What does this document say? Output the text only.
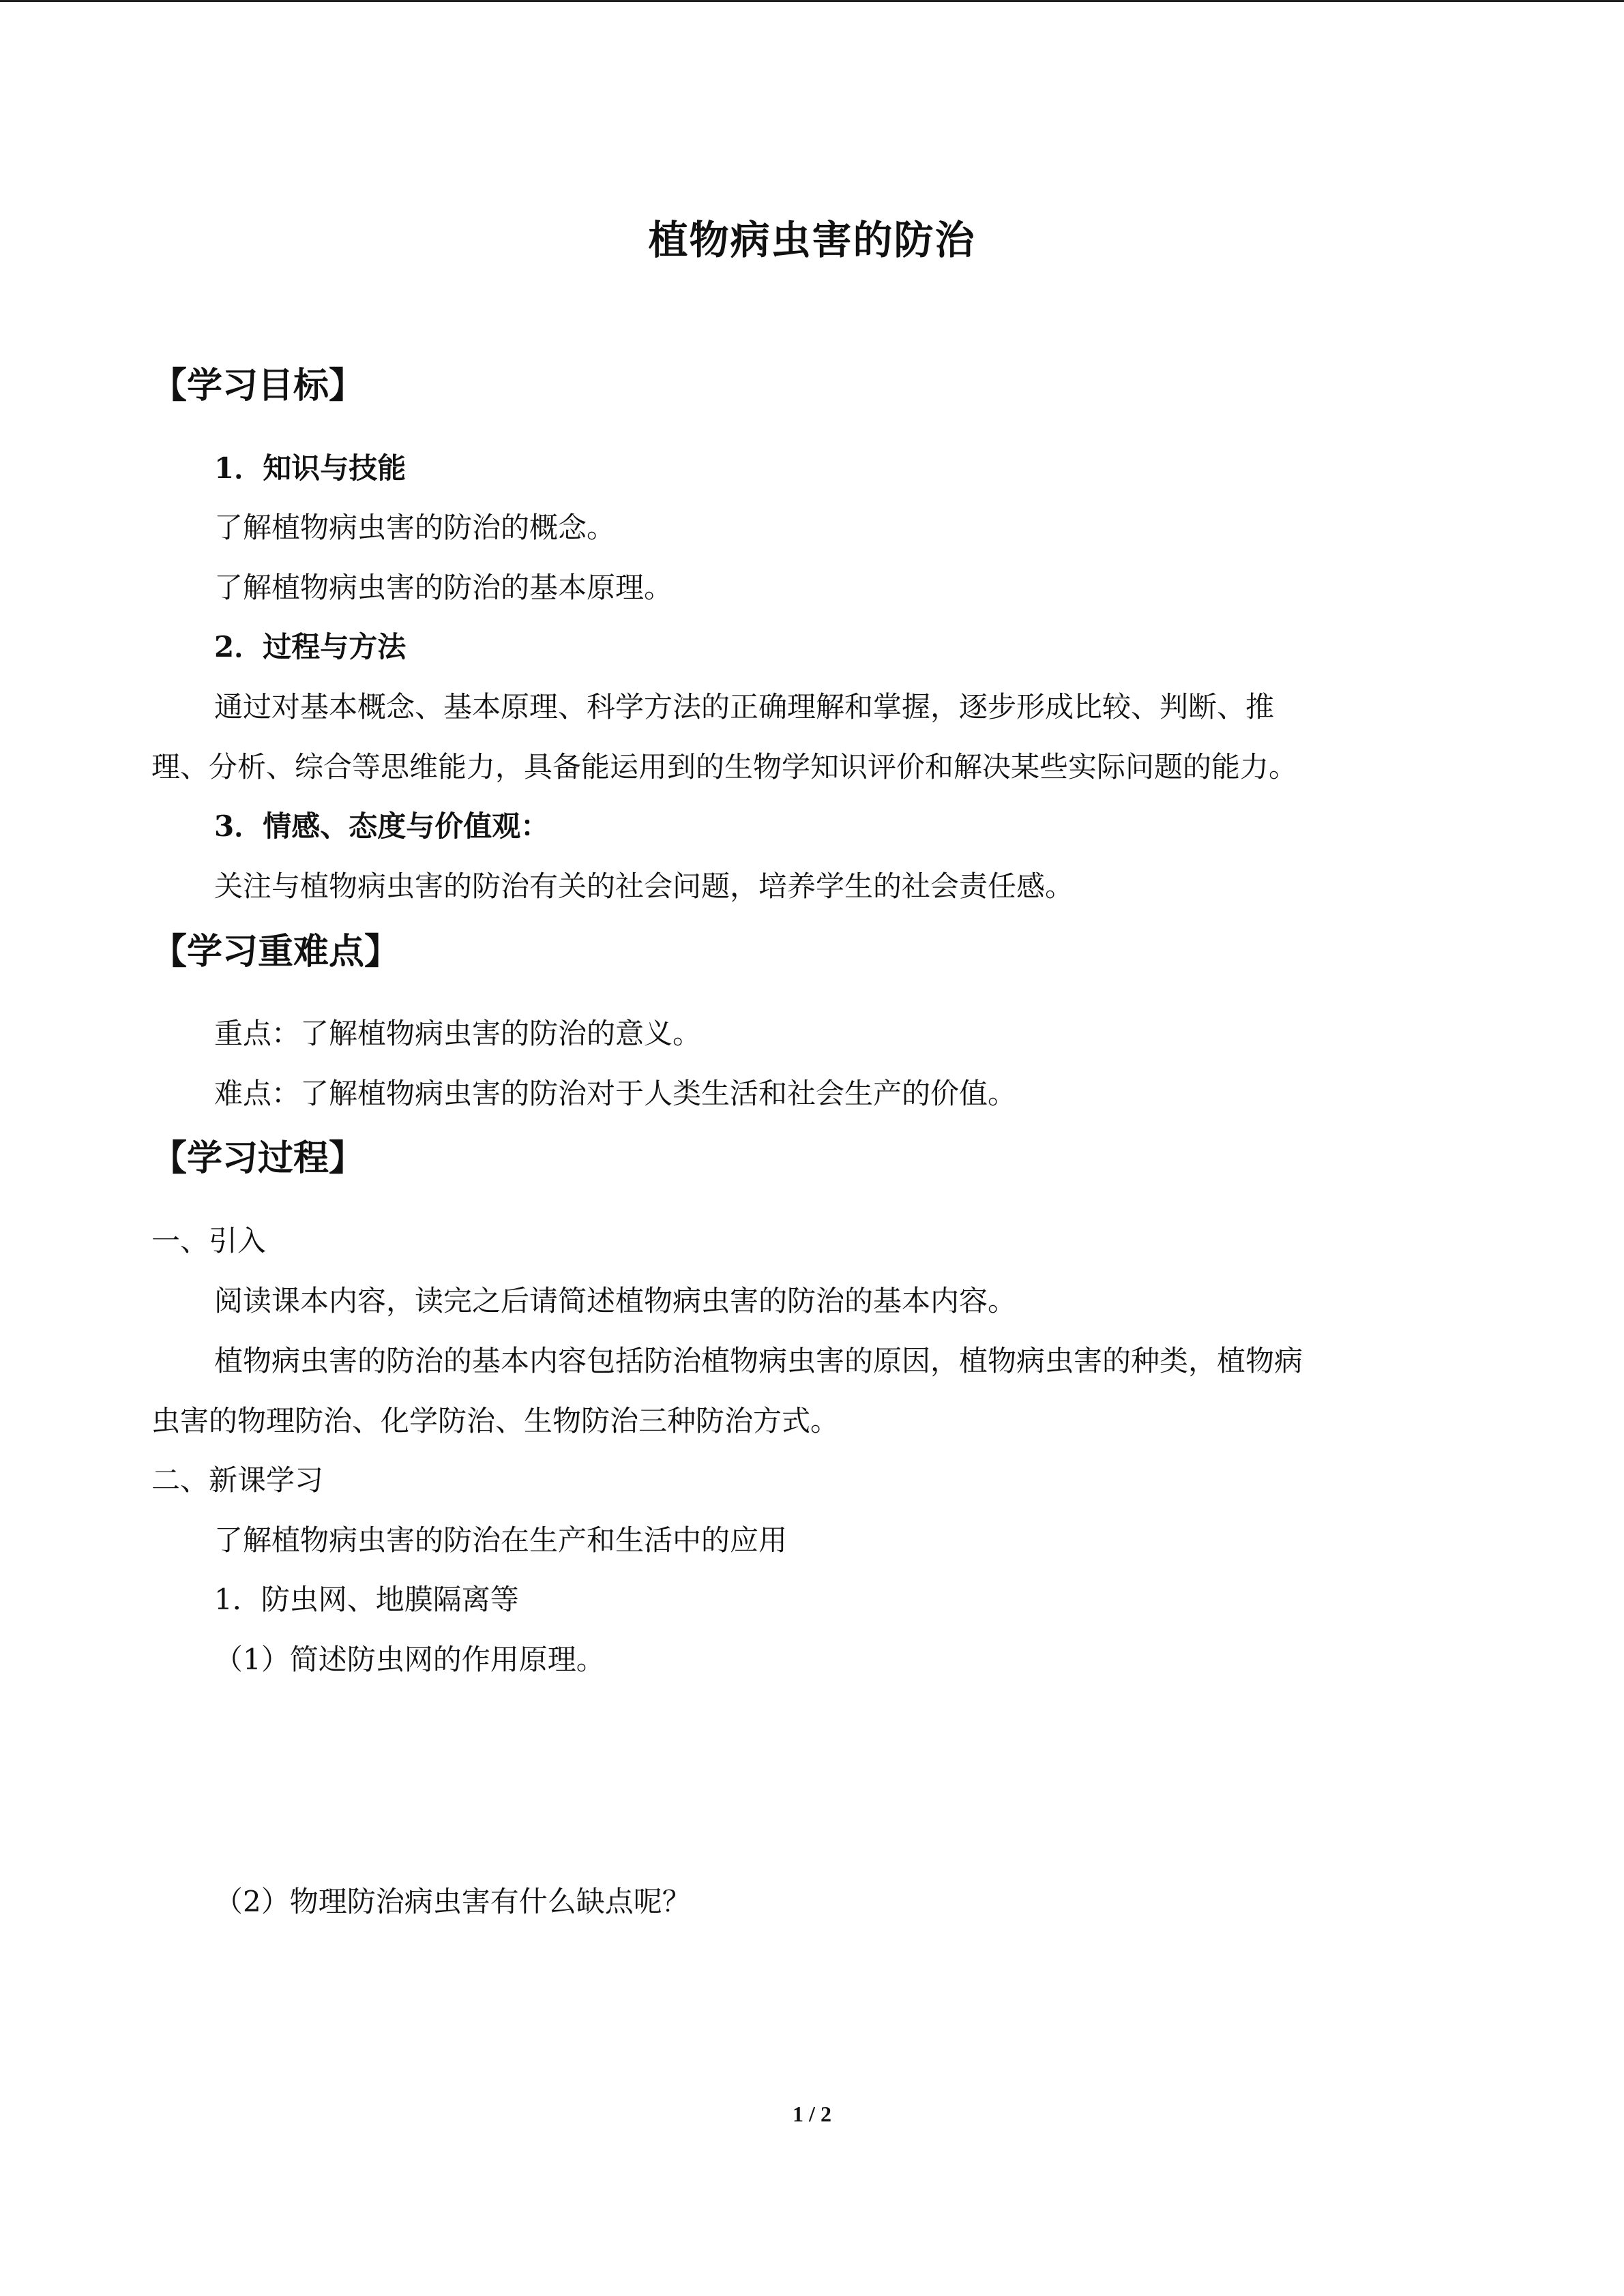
植物病虫害的防治
【学习目标】
1．知识与技能
了解植物病虫害的防治的概念。
了解植物病虫害的防治的基本原理。
2．过程与方法
通过对基本概念、基本原理、科学方法的正确理解和掌握，逐步形成比较、判断、推
理、分析、综合等思维能力，具备能运用到的生物学知识评价和解决某些实际问题的能力。
3．情感、态度与价值观：
关注与植物病虫害的防治有关的社会问题，培养学生的社会责任感。
【学习重难点】
重点：了解植物病虫害的防治的意义。
难点：了解植物病虫害的防治对于人类生活和社会生产的价值。
【学习过程】
一、引入
阅读课本内容，读完之后请简述植物病虫害的防治的基本内容。
植物病虫害的防治的基本内容包括防治植物病虫害的原因，植物病虫害的种类，植物病
虫害的物理防治、化学防治、生物防治三种防治方式。
二、新课学习
了解植物病虫害的防治在生产和生活中的应用
1．防虫网、地膜隔离等
（1）简述防虫网的作用原理。
（2）物理防治病虫害有什么缺点呢？
1 / 2
